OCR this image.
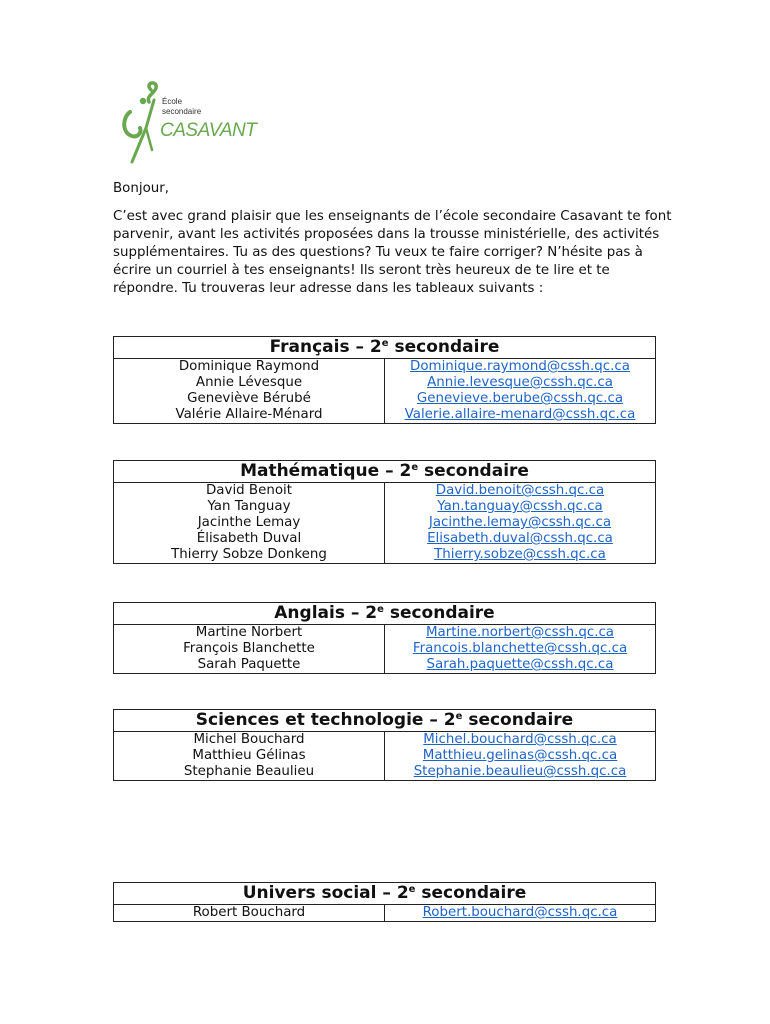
École
secondaire
CASAVANT

Bonjour,

C’est avec grand plaisir que les enseignants de l’école secondaire Casavant te font parvenir, avant les activités proposées dans la trousse ministérielle, des activités supplémentaires. Tu as des questions? Tu veux te faire corriger? N’hésite pas à écrire un courriel à tes enseignants! Ils seront très heureux de te lire et te répondre. Tu trouveras leur adresse dans les tableaux suivants :

Français – 2e secondaire	
Dominique Raymond	Dominique.raymond@cssh.qc.ca
Annie Lévesque	Annie.levesque@cssh.qc.ca
Geneviève Bérubé	Genevieve.berube@cssh.qc.ca
Valérie Allaire-Ménard	Valerie.allaire-menard@cssh.qc.ca
Mathématique – 2e secondaire	
David Benoit	David.benoit@cssh.qc.ca
Yan Tanguay	Yan.tanguay@cssh.qc.ca
Jacinthe Lemay	Jacinthe.lemay@cssh.qc.ca
Élisabeth Duval	Elisabeth.duval@cssh.qc.ca
Thierry Sobze Donkeng	Thierry.sobze@cssh.qc.ca
Anglais – 2e secondaire	
Martine Norbert	Martine.norbert@cssh.qc.ca
François Blanchette	Francois.blanchette@cssh.qc.ca
Sarah Paquette	Sarah.paquette@cssh.qc.ca
Sciences et technologie – 2e secondaire	
Michel Bouchard	Michel.bouchard@cssh.qc.ca
Matthieu Gélinas	Matthieu.gelinas@cssh.qc.ca
Stephanie Beaulieu	Stephanie.beaulieu@cssh.qc.ca
Univers social – 2e secondaire
Robert Bouchard	Robert.bouchard@cssh.qc.ca
